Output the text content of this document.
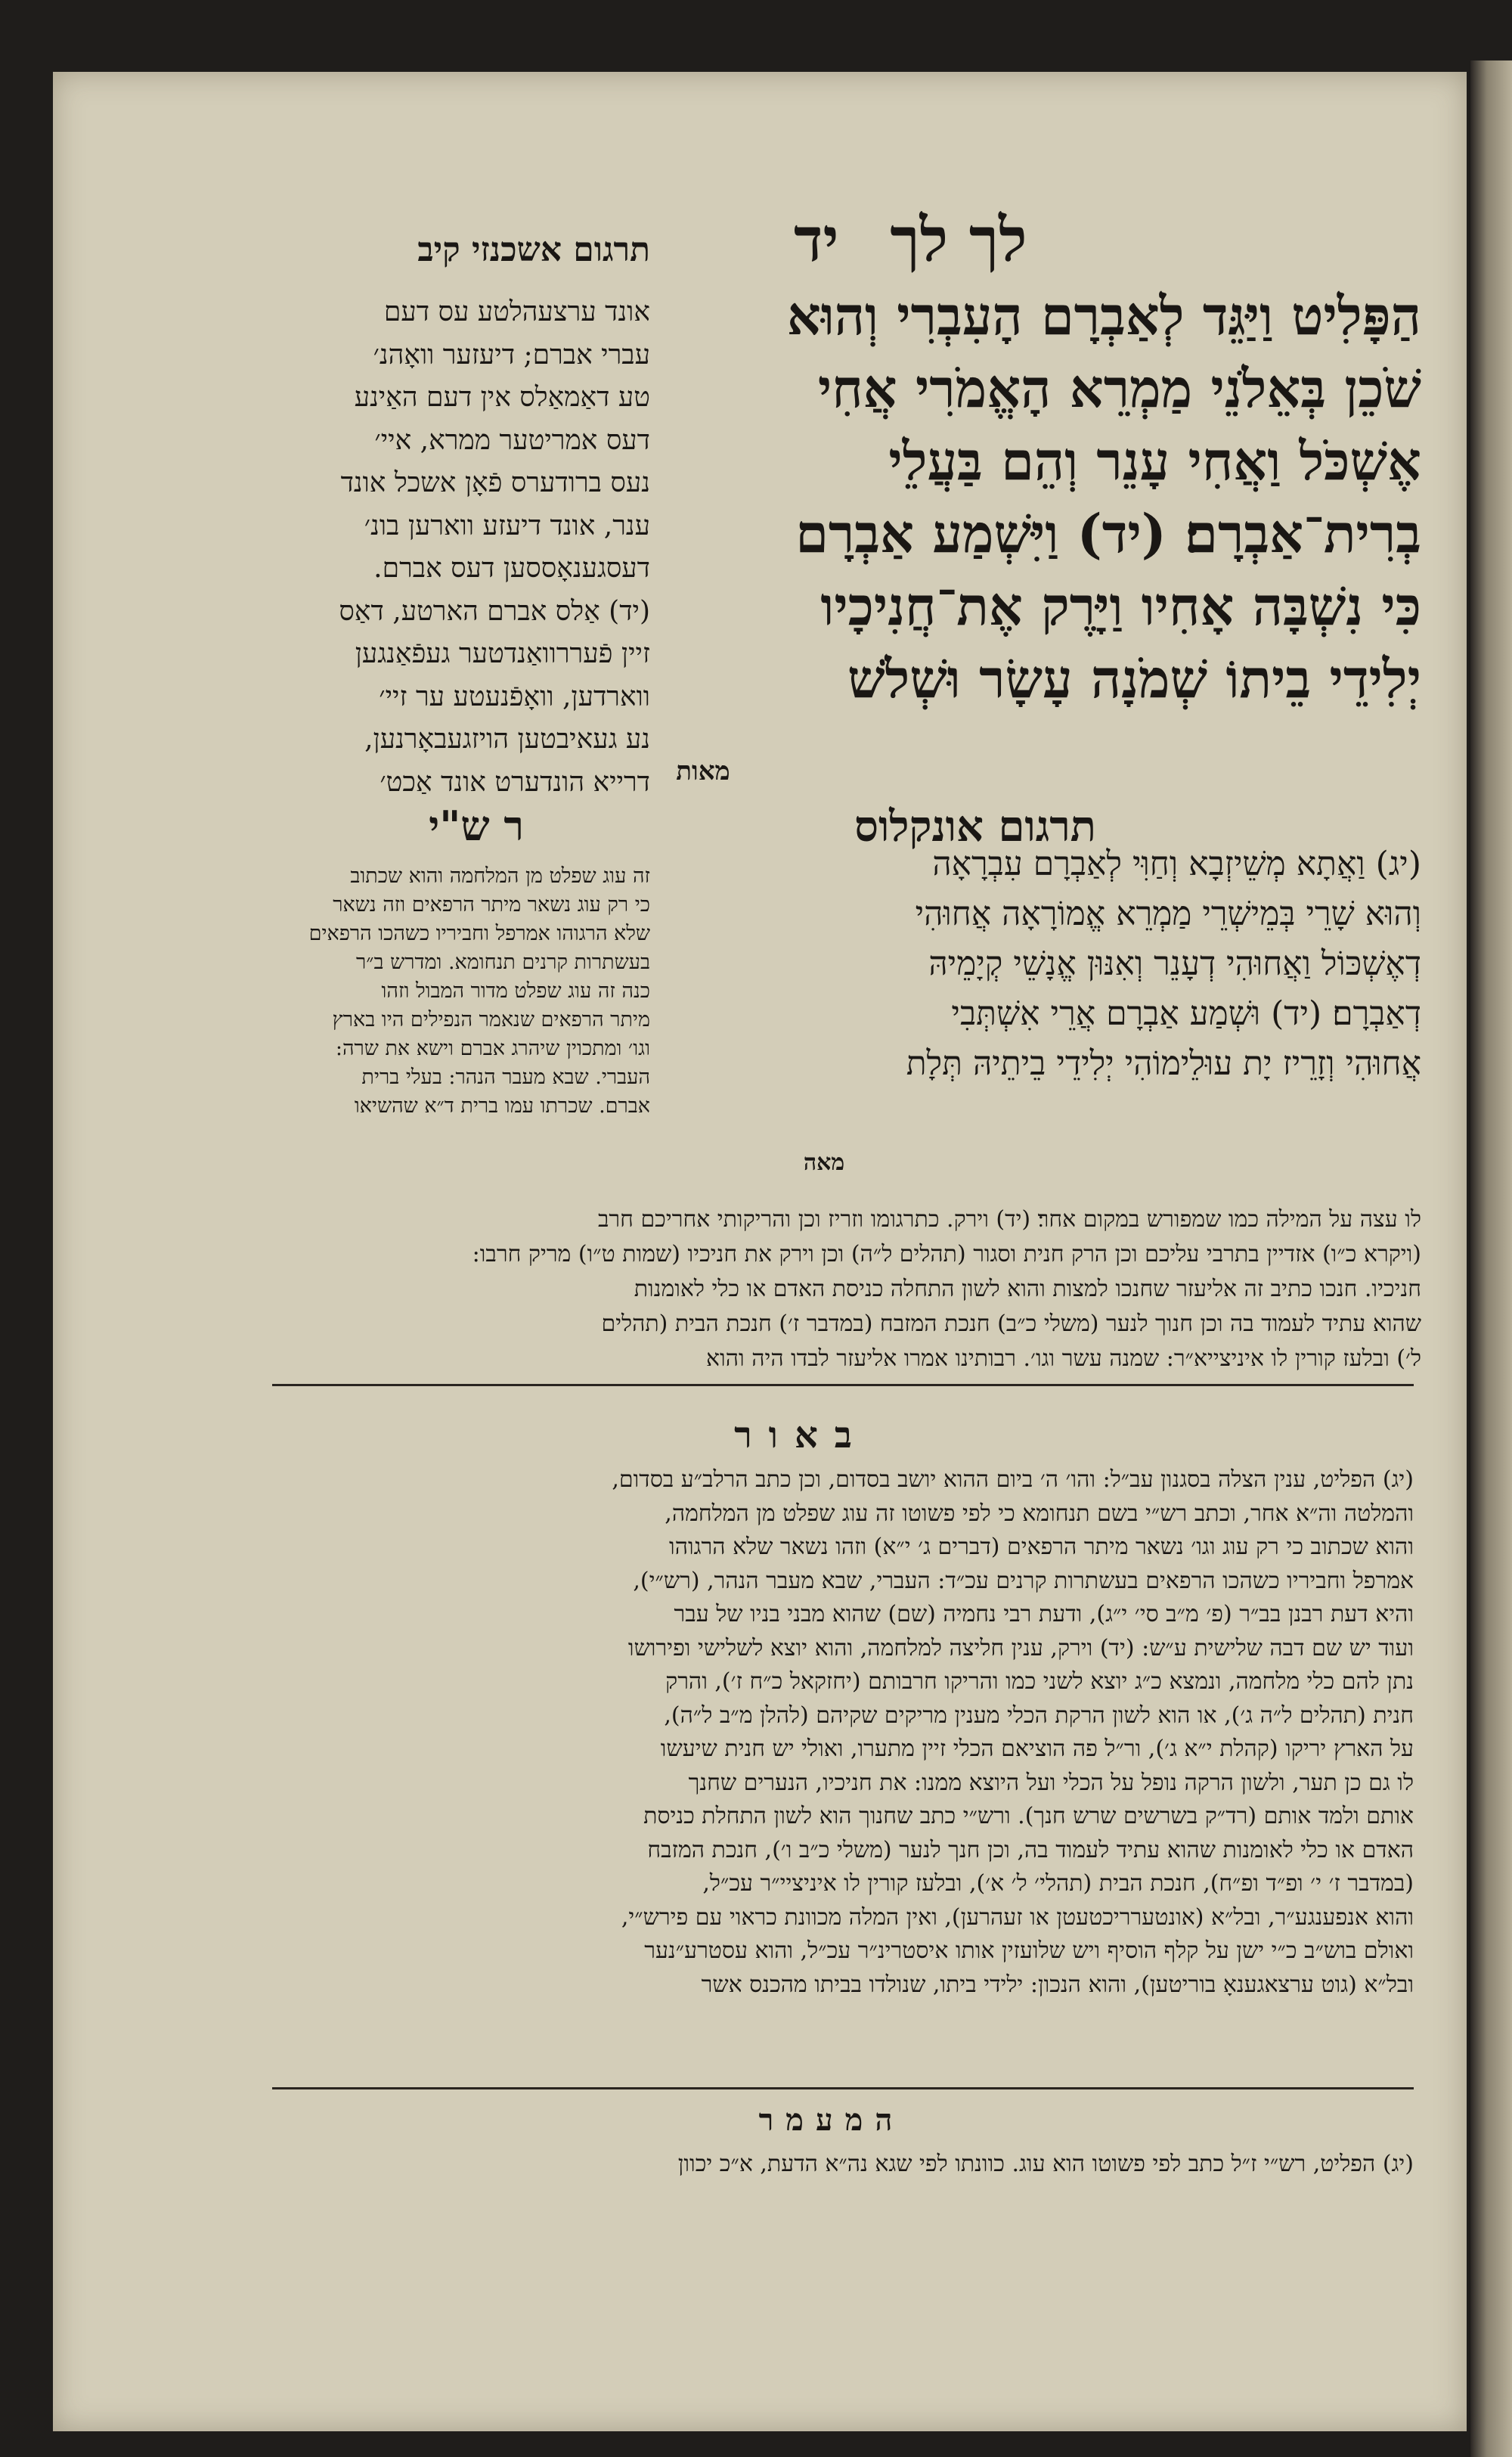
לך לך יד
הַפָּלִיט וַיַּגֵּד לְאַבְרָם הָעִבְרִי וְהוּא
שֹׁכֵן בְּאֵלֹנֵי מַמְרֵא הָאֱמֹרִי אֲחִי
אֶשְׁכֹּל וַאֲחִי עָנֵר וְהֵם בַּעֲלֵי
בְרִית־אַבְרָם׃ (יד) וַיִּשְׁמַע אַבְרָם
כִּי נִשְׁבָּה אָחִיו וַיָּרֶק אֶת־חֲנִיכָיו
יְלִידֵי בֵיתוֹ שְׁמֹנָה עָשָׂר וּשְׁלֹשׁ
מאות
תרגום אשכנזי קיב
אונד ערצעהלטע עס דעם
עברי אברם; דיעזער וואָהנ׳
טע דאַמאַלס אין דעם האַינע
דעס אמריטער ממרא, איי׳
נעס ברודערס פֿאָן אשכל אונד
ענר, אונד דיעזע ווארען בונ׳
דעסגענאָססען דעס אברם.
(יד) אַלס אברם הארטע, דאַס
זיין פֿעררוואַנדטער געפֿאַנגען
ווארדען, וואָפֿנעטע ער זיי׳
נע געאיבטען הויזגעבאָרנען,
דרייא הונדערט אונד אַכט׳
תרגום אונקלוס
(יג) וַאֲתָא מְשֵׁיזְבָא וְחַוִּי לְאַבְרָם עִבְרָאָה
וְהוּא שָׁרֵי בְּמֵישְׁרֵי מַמְרֵא אֱמוֹרָאָה אֲחוּהִי
דְאֶשְׁכּוֹל וַאֲחוּהִי דְעָנֵר וְאִנּוּן אֱנָשֵׁי קְיָמֵיהּ
דְאַבְרָם׃ (יד) וּשְׁמַע אַבְרָם אֲרֵי אִשְׁתְּבִי
אֲחוּהִי וְזָרֵיז יָת עוּלֵימוֹהִי יְלִידֵי בֵיתֵיהּ תְּלָת
מאה
ר ש"י
זה עוג שפלט מן המלחמה והוא שכתוב
כי רק עוג נשאר מיתר הרפאים וזה נשאר
שלא הרגוהו אמרפל וחביריו כשהכו הרפאים
בעשתרות קרנים תנחומא. ומדרש ב״ר
כנה זה עוג שפלט מדור המבול וזהו
מיתר הרפאים שנאמר הנפילים היו בארץ
וגו׳ ומתכוין שיהרג אברם וישא את שרה:
העברי. שבא מעבר הנהר: בעלי ברית
אברם. שכרתו עמו ברית ד״א שהשיאו
לו עצה על המילה כמו שמפורש במקום אחר׃ (יד) וירק. כתרגומו וזריז וכן והריקותי אחריכם חרב
(ויקרא כ״ו) אזדיין בתרבי עליכם וכן הרק חנית וסגור (תהלים ל״ה) וכן וירק את חניכיו (שמות ט״ו) מריק חרבו:
חניכיו. חנכו כתיב זה אליעזר שחנכו למצות והוא לשון התחלה כניסת האדם או כלי לאומנות
שהוא עתיד לעמוד בה וכן חנוך לנער (משלי כ״ב) חנכת המזבח (במדבר ז׳) חנכת הבית (תהלים
ל׳) ובלעז קורין לו איניצייא״ר: שמנה עשר וגו׳. רבותינו אמרו אליעזר לבדו היה והוא
באור
(יג) הפליט, ענין הצלה בסגנון עב״ל: והו׳ ה׳ ביום ההוא יושב בסדום, וכן כתב הרלב״ע בסדום,
והמלטה וה״א אחר, וכתב רש״י בשם תנחומא כי לפי פשוטו זה עוג שפלט מן המלחמה,
והוא שכתוב כי רק עוג וגו׳ נשאר מיתר הרפאים (דברים ג׳ י״א) וזהו נשאר שלא הרגוהו
אמרפל וחביריו כשהכו הרפאים בעשתרות קרנים עכ״ד: העברי, שבא מעבר הנהר, (רש״י),
והיא דעת רבנן בב״ר (פ׳ מ״ב סי׳ י״ג), ודעת רבי נחמיה (שם) שהוא מבני בניו של עבר
ועוד יש שם דבה שלישית ע״ש: (יד) וירק, ענין חליצה למלחמה, והוא יוצא לשלישי ופירושו
נתן להם כלי מלחמה, ונמצא כ״ג יוצא לשני כמו והריקו חרבותם (יחזקאל כ״ח ז׳), והרק
חנית (תהלים ל״ה ג׳), או הוא לשון הרקת הכלי מענין מריקים שקיהם (להלן מ״ב ל״ה),
על הארץ יריקו (קהלת י״א ג׳), ור״ל פה הוציאם הכלי זיין מתערו, ואולי יש חנית שיעשו
לו גם כן תער, ולשון הרקה נופל על הכלי ועל היוצא ממנו: את חניכיו, הנערים שחנך
אותם ולמד אותם (רד״ק בשרשים שרש חנך). ורש״י כתב שחנוך הוא לשון התחלת כניסת
האדם או כלי לאומנות שהוא עתיד לעמוד בה, וכן חנך לנער (משלי כ״ב ו׳), חנכת המזבח
(במדבר ז׳ י׳ ופ״ד ופ״ח), חנכת הבית (תהלי׳ ל׳ א׳), ובלעז קורין לו איניציי״ר עכ״ל,
והוא אנפענגע״ר, ובל״א (אונטערריכטעטן או זעהרען), ואין המלה מכוונת כראוי עם פירש״י,
ואולם בוש״ב כ״י ישן על קלף הוסיף ויש שלועזין אותו איסטרינ״ר עכ״ל, והוא עסטרע״נער
ובל״א (גוט ערצאגענאָ בוריטען), והוא הנכון: ילידי ביתו, שנולדו בביתו מהכנס אשר
המעמר
(יג) הפליט, רש״י ז״ל כתב לפי פשוטו הוא עוג. כוונתו לפי שגא נה״א הדעת, א״כ יכוון
